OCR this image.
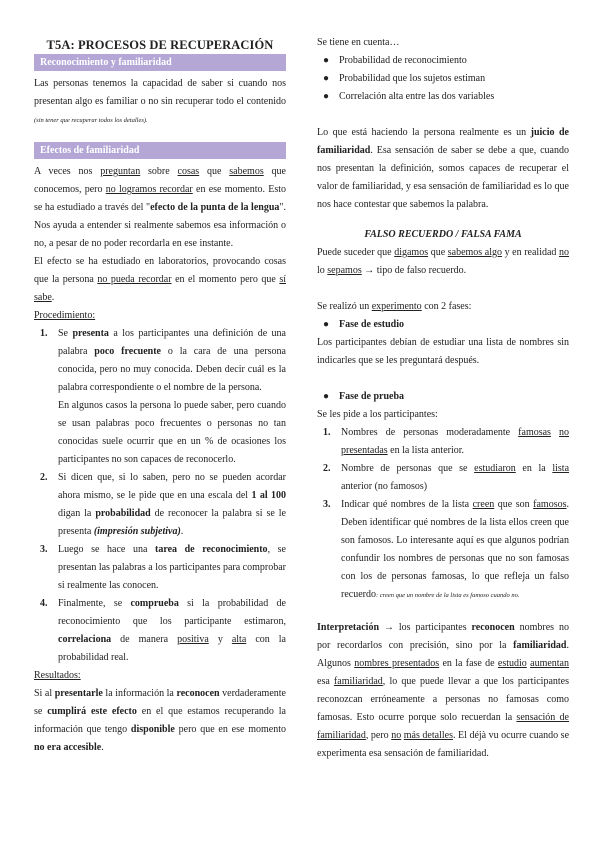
T5A: PROCESOS DE RECUPERACIÓN
Reconocimiento y familiaridad

Las personas tenemos la capacidad de saber si cuando nos presentan algo es familiar o no sin recuperar todo el contenido (sin tener que recuperar todos los detalles).

Efectos de familiaridad

A veces nos preguntan sobre cosas que sabemos que conocemos, pero no logramos recordar en ese momento. Esto se ha estudiado a través del "efecto de la punta de la lengua". Nos ayuda a entender si realmente sabemos esa información o no, a pesar de no poder recordarla en ese instante.

El efecto se ha estudiado en laboratorios, provocando cosas que la persona no pueda recordar en el momento pero que sí sabe.

Procedimiento:

1. Se presenta a los participantes una definición de una palabra poco frecuente o la cara de una persona conocida, pero no muy conocida. Deben decir cuál es la palabra correspondiente o el nombre de la persona.
En algunos casos la persona lo puede saber, pero cuando se usan palabras poco frecuentes o personas no tan conocidas suele ocurrir que en un % de ocasiones los participantes no son capaces de reconocerlo.
2. Si dicen que, si lo saben, pero no se pueden acordar ahora mismo, se le pide que en una escala del 1 al 100 digan la probabilidad de reconocer la palabra si se le presenta (impresión subjetiva).
3. Luego se hace una tarea de reconocimiento, se presentan las palabras a los participantes para comprobar si realmente las conocen.
4. Finalmente, se comprueba si la probabilidad de reconocimiento que los participante estimaron, correlaciona de manera positiva y alta con la probabilidad real.

Resultados:

Si al presentarle la información la reconocen verdaderamente se cumplirá este efecto en el que estamos recuperando la información que tengo disponible pero que en ese momento no era accesible.

Se tiene en cuenta…

● Probabilidad de reconocimiento
● Probabilidad que los sujetos estiman
● Correlación alta entre las dos variables

Lo que está haciendo la persona realmente es un juicio de familiaridad. Esa sensación de saber se debe a que, cuando nos presentan la definición, somos capaces de recuperar el valor de familiaridad, y esa sensación de familiaridad es lo que nos hace contestar que sabemos la palabra.

FALSO RECUERDO / FALSA FAMA

Puede suceder que digamos que sabemos algo y en realidad no lo sepamos → tipo de falso recuerdo.

Se realizó un experimento con 2 fases:

● Fase de estudio

Los participantes debían de estudiar una lista de nombres sin indicarles que se les preguntará después.

● Fase de prueba

Se les pide a los participantes:

1. Nombres de personas moderadamente famosas no presentadas en la lista anterior.
2. Nombre de personas que se estudiaron en la lista anterior (no famosos)
3. Indicar qué nombres de la lista creen que son famosos. Deben identificar qué nombres de la lista ellos creen que son famosos. Lo interesante aquí es que algunos podrían confundir los nombres de personas que no son famosas con los de personas famosas, lo que refleja un falso recuerdo: creen que un nombre de la lista es famoso cuando no.

Interpretación → los participantes reconocen nombres no por recordarlos con precisión, sino por la familiaridad. Algunos nombres presentados en la fase de estudio aumentan esa familiaridad, lo que puede llevar a que los participantes reconozcan erróneamente a personas no famosas como famosas. Esto ocurre porque solo recuerdan la sensación de familiaridad, pero no más detalles. El déjà vu ocurre cuando se experimenta esa sensación de familiaridad.
